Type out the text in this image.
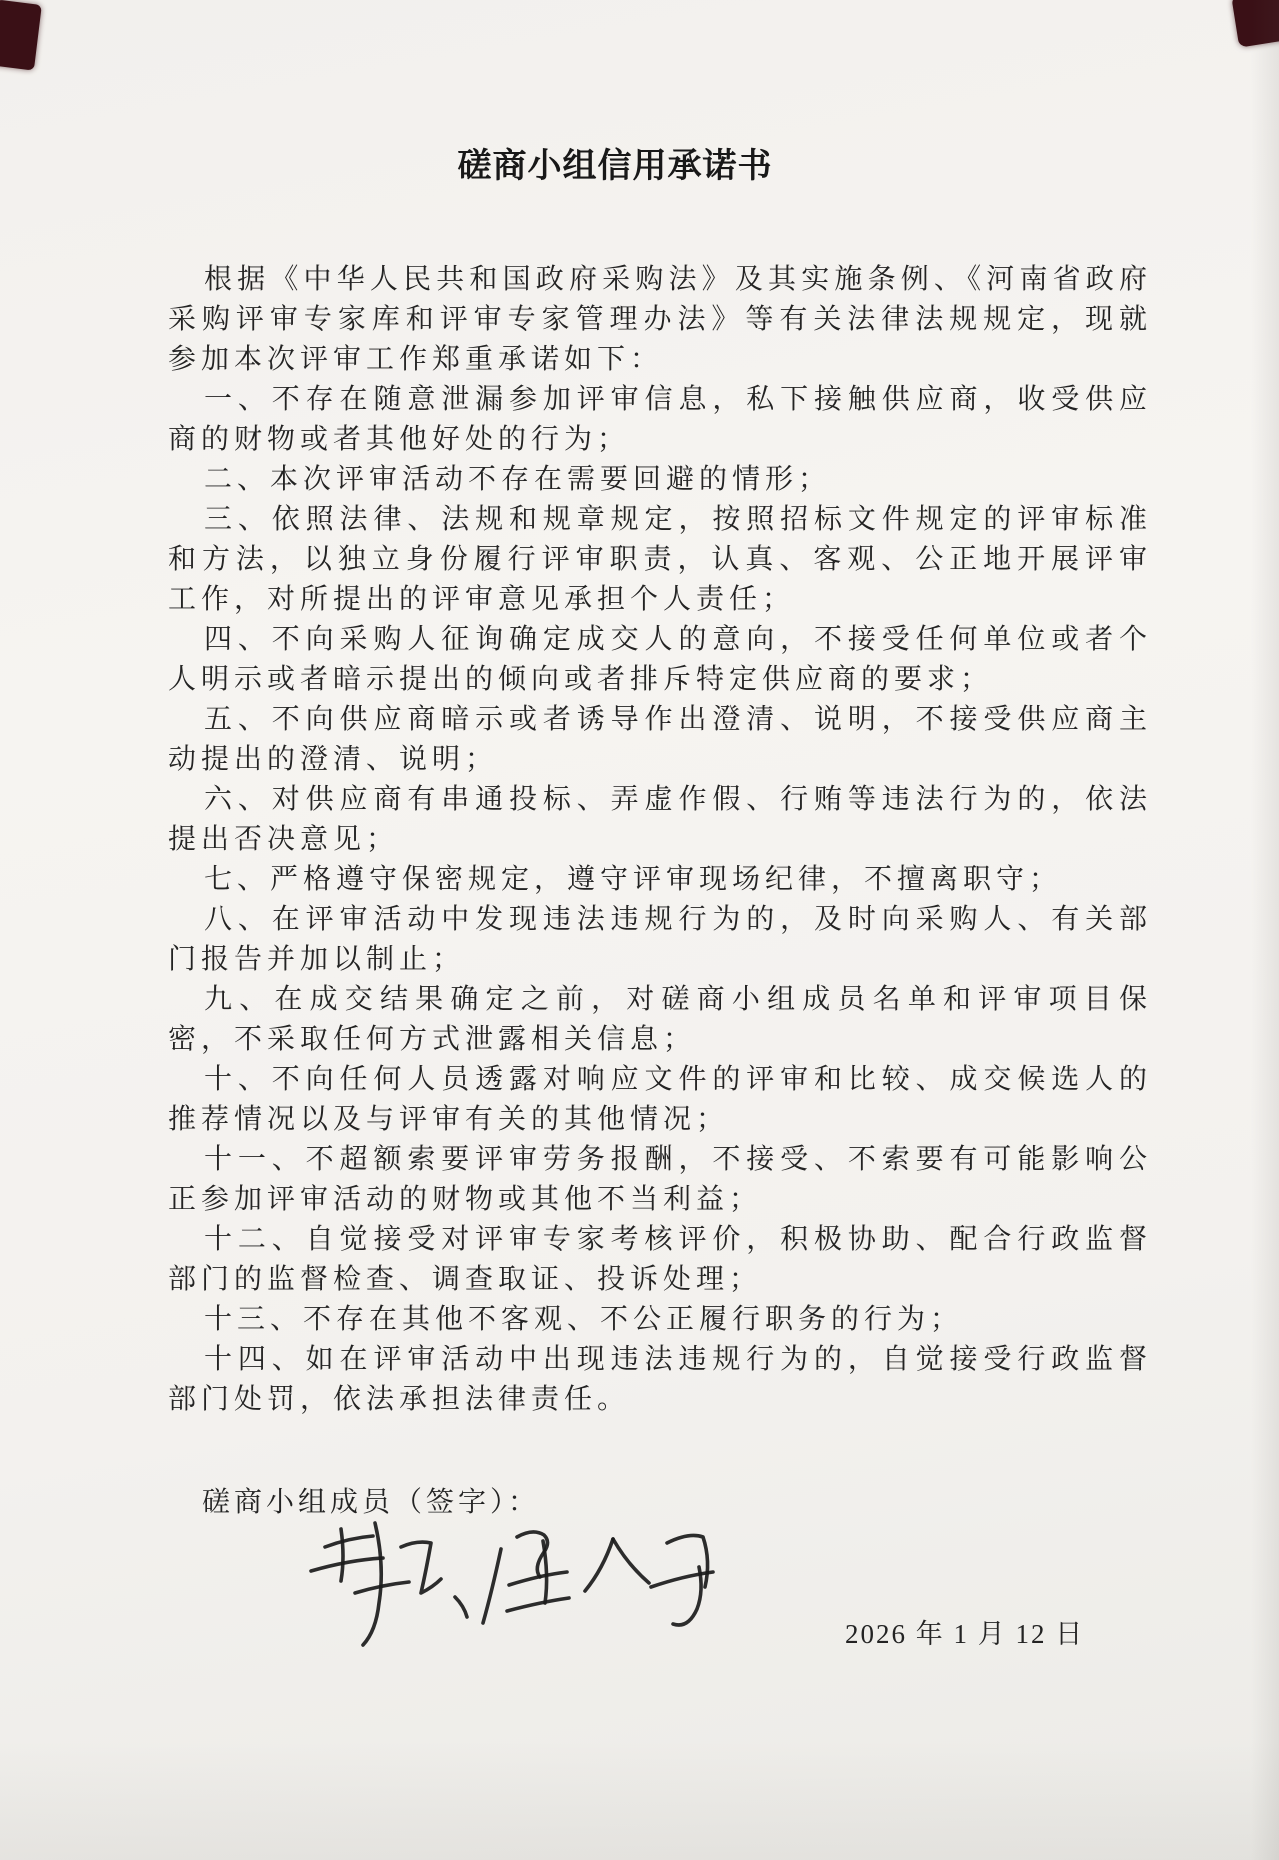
磋商小组信用承诺书

根据《中华人民共和国政府采购法》及其实施条例、《河南省政府采购评审专家库和评审专家管理办法》等有关法律法规规定，现就参加本次评审工作郑重承诺如下：

一、不存在随意泄漏参加评审信息，私下接触供应商，收受供应商的财物或者其他好处的行为；

二、本次评审活动不存在需要回避的情形；

三、依照法律、法规和规章规定，按照招标文件规定的评审标准和方法，以独立身份履行评审职责，认真、客观、公正地开展评审工作，对所提出的评审意见承担个人责任；

四、不向采购人征询确定成交人的意向，不接受任何单位或者个人明示或者暗示提出的倾向或者排斥特定供应商的要求；

五、不向供应商暗示或者诱导作出澄清、说明，不接受供应商主动提出的澄清、说明；

六、对供应商有串通投标、弄虚作假、行贿等违法行为的，依法提出否决意见；

七、严格遵守保密规定，遵守评审现场纪律，不擅离职守；

八、在评审活动中发现违法违规行为的，及时向采购人、有关部门报告并加以制止；

九、在成交结果确定之前，对磋商小组成员名单和评审项目保密，不采取任何方式泄露相关信息；

十、不向任何人员透露对响应文件的评审和比较、成交候选人的推荐情况以及与评审有关的其他情况；

十一、不超额索要评审劳务报酬，不接受、不索要有可能影响公正参加评审活动的财物或其他不当利益；

十二、自觉接受对评审专家考核评价，积极协助、配合行政监督部门的监督检查、调查取证、投诉处理；

十三、不存在其他不客观、不公正履行职务的行为；

十四、如在评审活动中出现违法违规行为的，自觉接受行政监督部门处罚，依法承担法律责任。

磋商小组成员（签字）：
2026 年 1 月 12 日
